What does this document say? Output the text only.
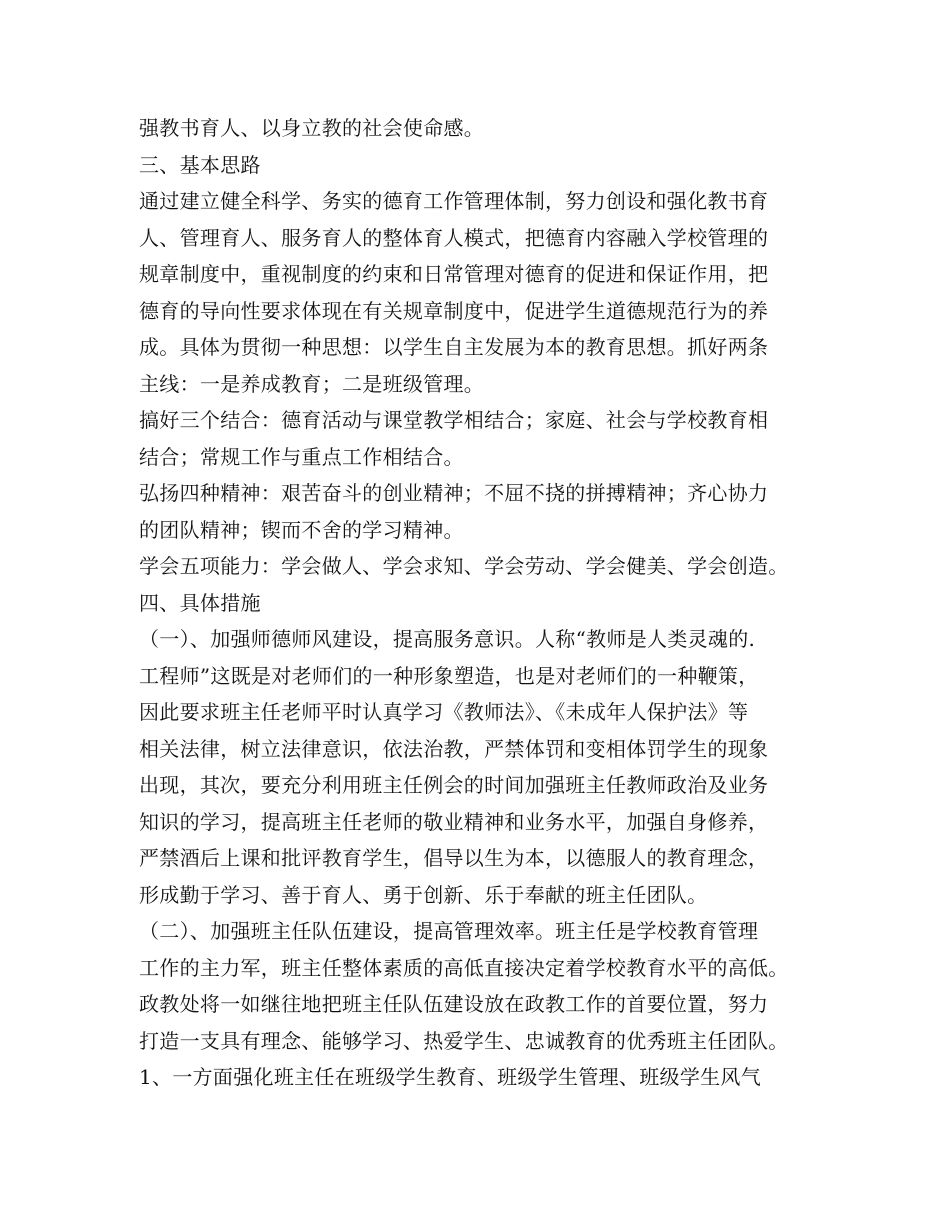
强教书育人、以身立教的社会使命感。
三、基本思路
通过建立健全科学、务实的德育工作管理体制，努力创设和强化教书育
人、管理育人、服务育人的整体育人模式，把德育内容融入学校管理的
规章制度中，重视制度的约束和日常管理对德育的促进和保证作用，把
德育的导向性要求体现在有关规章制度中，促进学生道德规范行为的养
成。具体为贯彻一种思想：以学生自主发展为本的教育思想。抓好两条
主线：一是养成教育；二是班级管理。
搞好三个结合：德育活动与课堂教学相结合；家庭、社会与学校教育相
结合；常规工作与重点工作相结合。
弘扬四种精神：艰苦奋斗的创业精神；不屈不挠的拼搏精神；齐心协力
的团队精神；锲而不舍的学习精神。
学会五项能力：学会做人、学会求知、学会劳动、学会健美、学会创造。
四、具体措施
（一）、加强师德师风建设，提高服务意识。人称“教师是人类灵魂的.
工程师”这既是对老师们的一种形象塑造，也是对老师们的一种鞭策，
因此要求班主任老师平时认真学习《教师法》、《未成年人保护法》等
相关法律，树立法律意识，依法治教，严禁体罚和变相体罚学生的现象
出现，其次，要充分利用班主任例会的时间加强班主任教师政治及业务
知识的学习，提高班主任老师的敬业精神和业务水平，加强自身修养，
严禁酒后上课和批评教育学生，倡导以生为本，以德服人的教育理念，
形成勤于学习、善于育人、勇于创新、乐于奉献的班主任团队。
（二）、加强班主任队伍建设，提高管理效率。班主任是学校教育管理
工作的主力军，班主任整体素质的高低直接决定着学校教育水平的高低。
政教处将一如继往地把班主任队伍建设放在政教工作的首要位置，努力
打造一支具有理念、能够学习、热爱学生、忠诚教育的优秀班主任团队。
1、一方面强化班主任在班级学生教育、班级学生管理、班级学生风气
